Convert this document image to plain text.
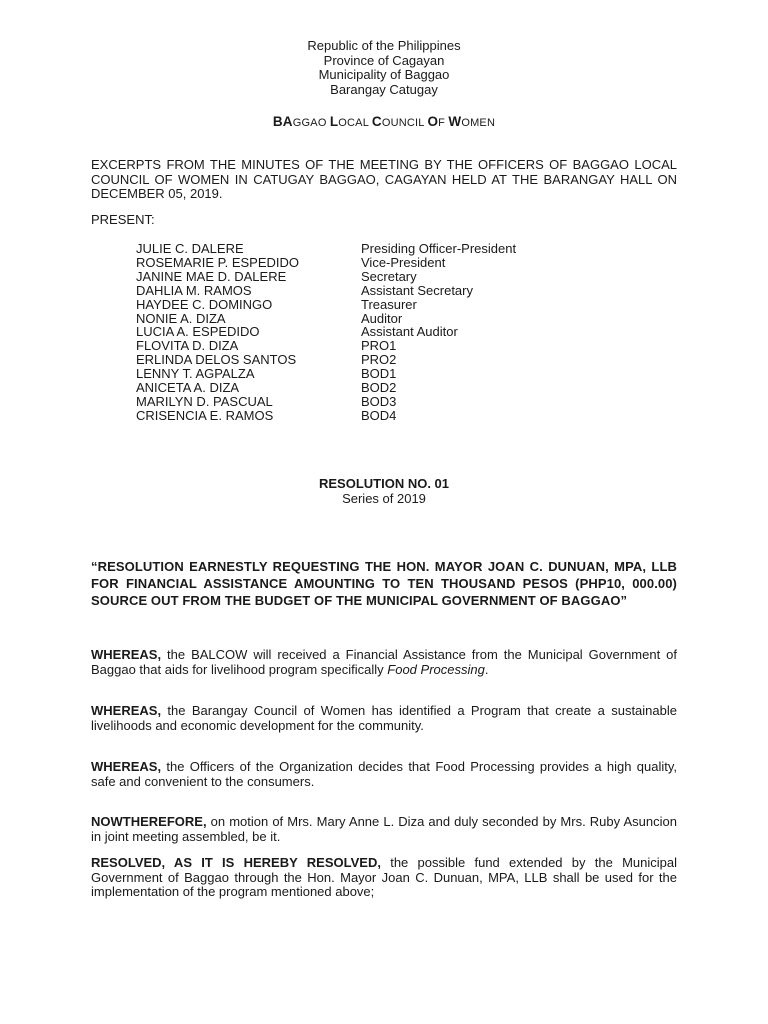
Republic of the Philippines
Province of Cagayan
Municipality of Baggao
Barangay Catugay
BAGGAO LOCAL COUNCIL OF WOMEN
EXCERPTS FROM THE MINUTES OF THE MEETING BY THE OFFICERS OF BAGGAO LOCAL COUNCIL OF WOMEN IN CATUGAY BAGGAO, CAGAYAN HELD AT THE BARANGAY HALL ON DECEMBER 05, 2019.
PRESENT:
JULIE C. DALERE	Presiding Officer-President
ROSEMARIE P. ESPEDIDO	Vice-President
JANINE MAE D. DALERE	Secretary
DAHLIA M. RAMOS	Assistant Secretary
HAYDEE C. DOMINGO	Treasurer
NONIE A. DIZA	Auditor
LUCIA A. ESPEDIDO	Assistant Auditor
FLOVITA D. DIZA	PRO1
ERLINDA DELOS SANTOS	PRO2
LENNY T. AGPALZA	BOD1
ANICETA A. DIZA	BOD2
MARILYN D. PASCUAL	BOD3
CRISENCIA E. RAMOS	BOD4
RESOLUTION NO. 01
Series of 2019
“RESOLUTION EARNESTLY REQUESTING THE HON. MAYOR JOAN C. DUNUAN, MPA, LLB FOR FINANCIAL ASSISTANCE AMOUNTING TO TEN THOUSAND PESOS (PHP10, 000.00) SOURCE OUT FROM THE BUDGET OF THE MUNICIPAL GOVERNMENT OF BAGGAO”
WHEREAS, the BALCOW will received a Financial Assistance from the Municipal Government of Baggao that aids for livelihood program specifically Food Processing.
WHEREAS, the Barangay Council of Women has identified a Program that create a sustainable livelihoods and economic development for the community.
WHEREAS, the Officers of the Organization decides that Food Processing provides a high quality, safe and convenient to the consumers.
NOWTHEREFORE, on motion of Mrs. Mary Anne L. Diza and duly seconded by Mrs. Ruby Asuncion in joint meeting assembled, be it.
RESOLVED, AS IT IS HEREBY RESOLVED, the possible fund extended by the Municipal Government of Baggao through the Hon. Mayor Joan C. Dunuan, MPA, LLB shall be used for the implementation of the program mentioned above;
